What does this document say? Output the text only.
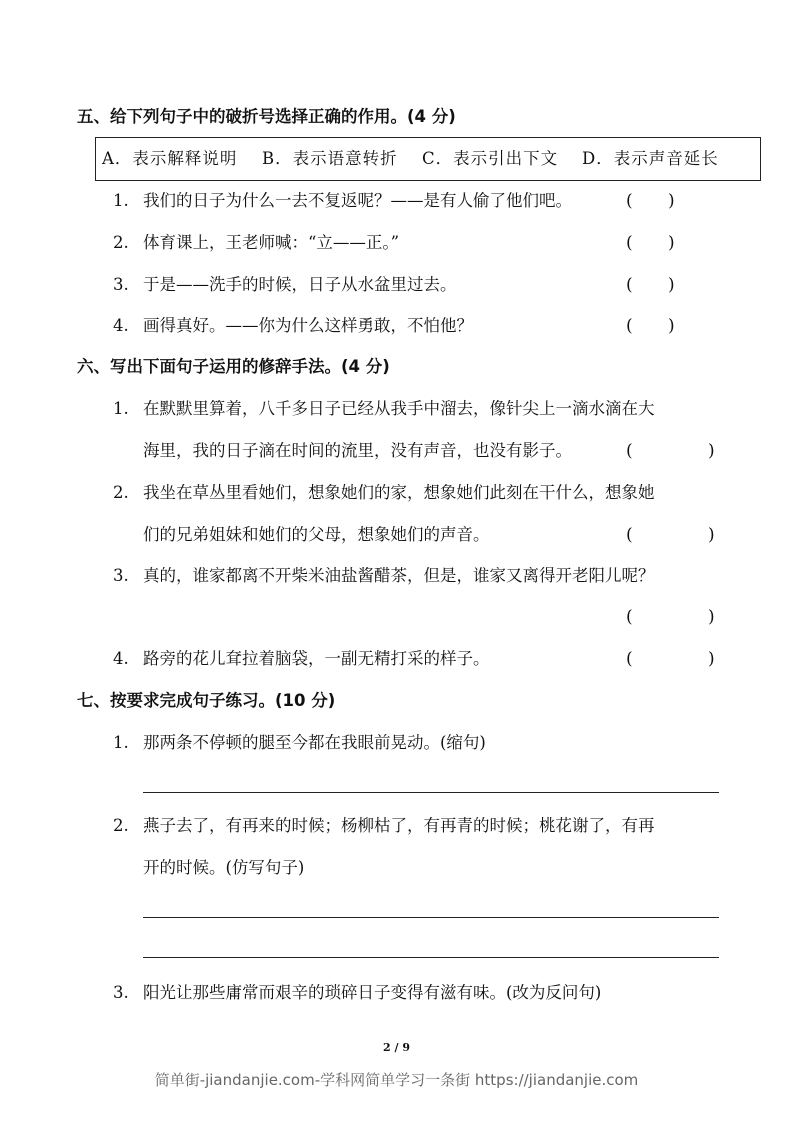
五、给下列句子中的破折号选择正确的作用。(4 分)
A．表示解释说明 B．表示语意转折 C．表示引出下文 D．表示声音延长
1. 我们的日子为什么一去不复返呢？——是有人偷了他们吧。	( )
2. 体育课上，王老师喊：“立——正。”	( )
3. 于是——洗手的时候，日子从水盆里过去。	( )
4. 画得真好。——你为什么这样勇敢，不怕他？	( )
六、写出下面句子运用的修辞手法。(4 分)
1. 在默默里算着，八千多日子已经从我手中溜去，像针尖上一滴水滴在大
海里，我的日子滴在时间的流里，没有声音，也没有影子。	(	)
2. 我坐在草丛里看她们，想象她们的家，想象她们此刻在干什么，想象她
们的兄弟姐妹和她们的父母，想象她们的声音。	(	)
3. 真的，谁家都离不开柴米油盐酱醋茶，但是，谁家又离得开老阳儿呢？
(	)
4. 路旁的花儿耷拉着脑袋，一副无精打采的样子。	(	)
七、按要求完成句子练习。(10 分)
1. 那两条不停顿的腿至今都在我眼前晃动。(缩句)
2. 燕子去了，有再来的时候；杨柳枯了，有再青的时候；桃花谢了，有再
开的时候。(仿写句子)
3. 阳光让那些庸常而艰辛的琐碎日子变得有滋有味。(改为反问句)
2 / 9
简单街-jiandanjie.com-学科网简单学习一条街 https://jiandanjie.com
